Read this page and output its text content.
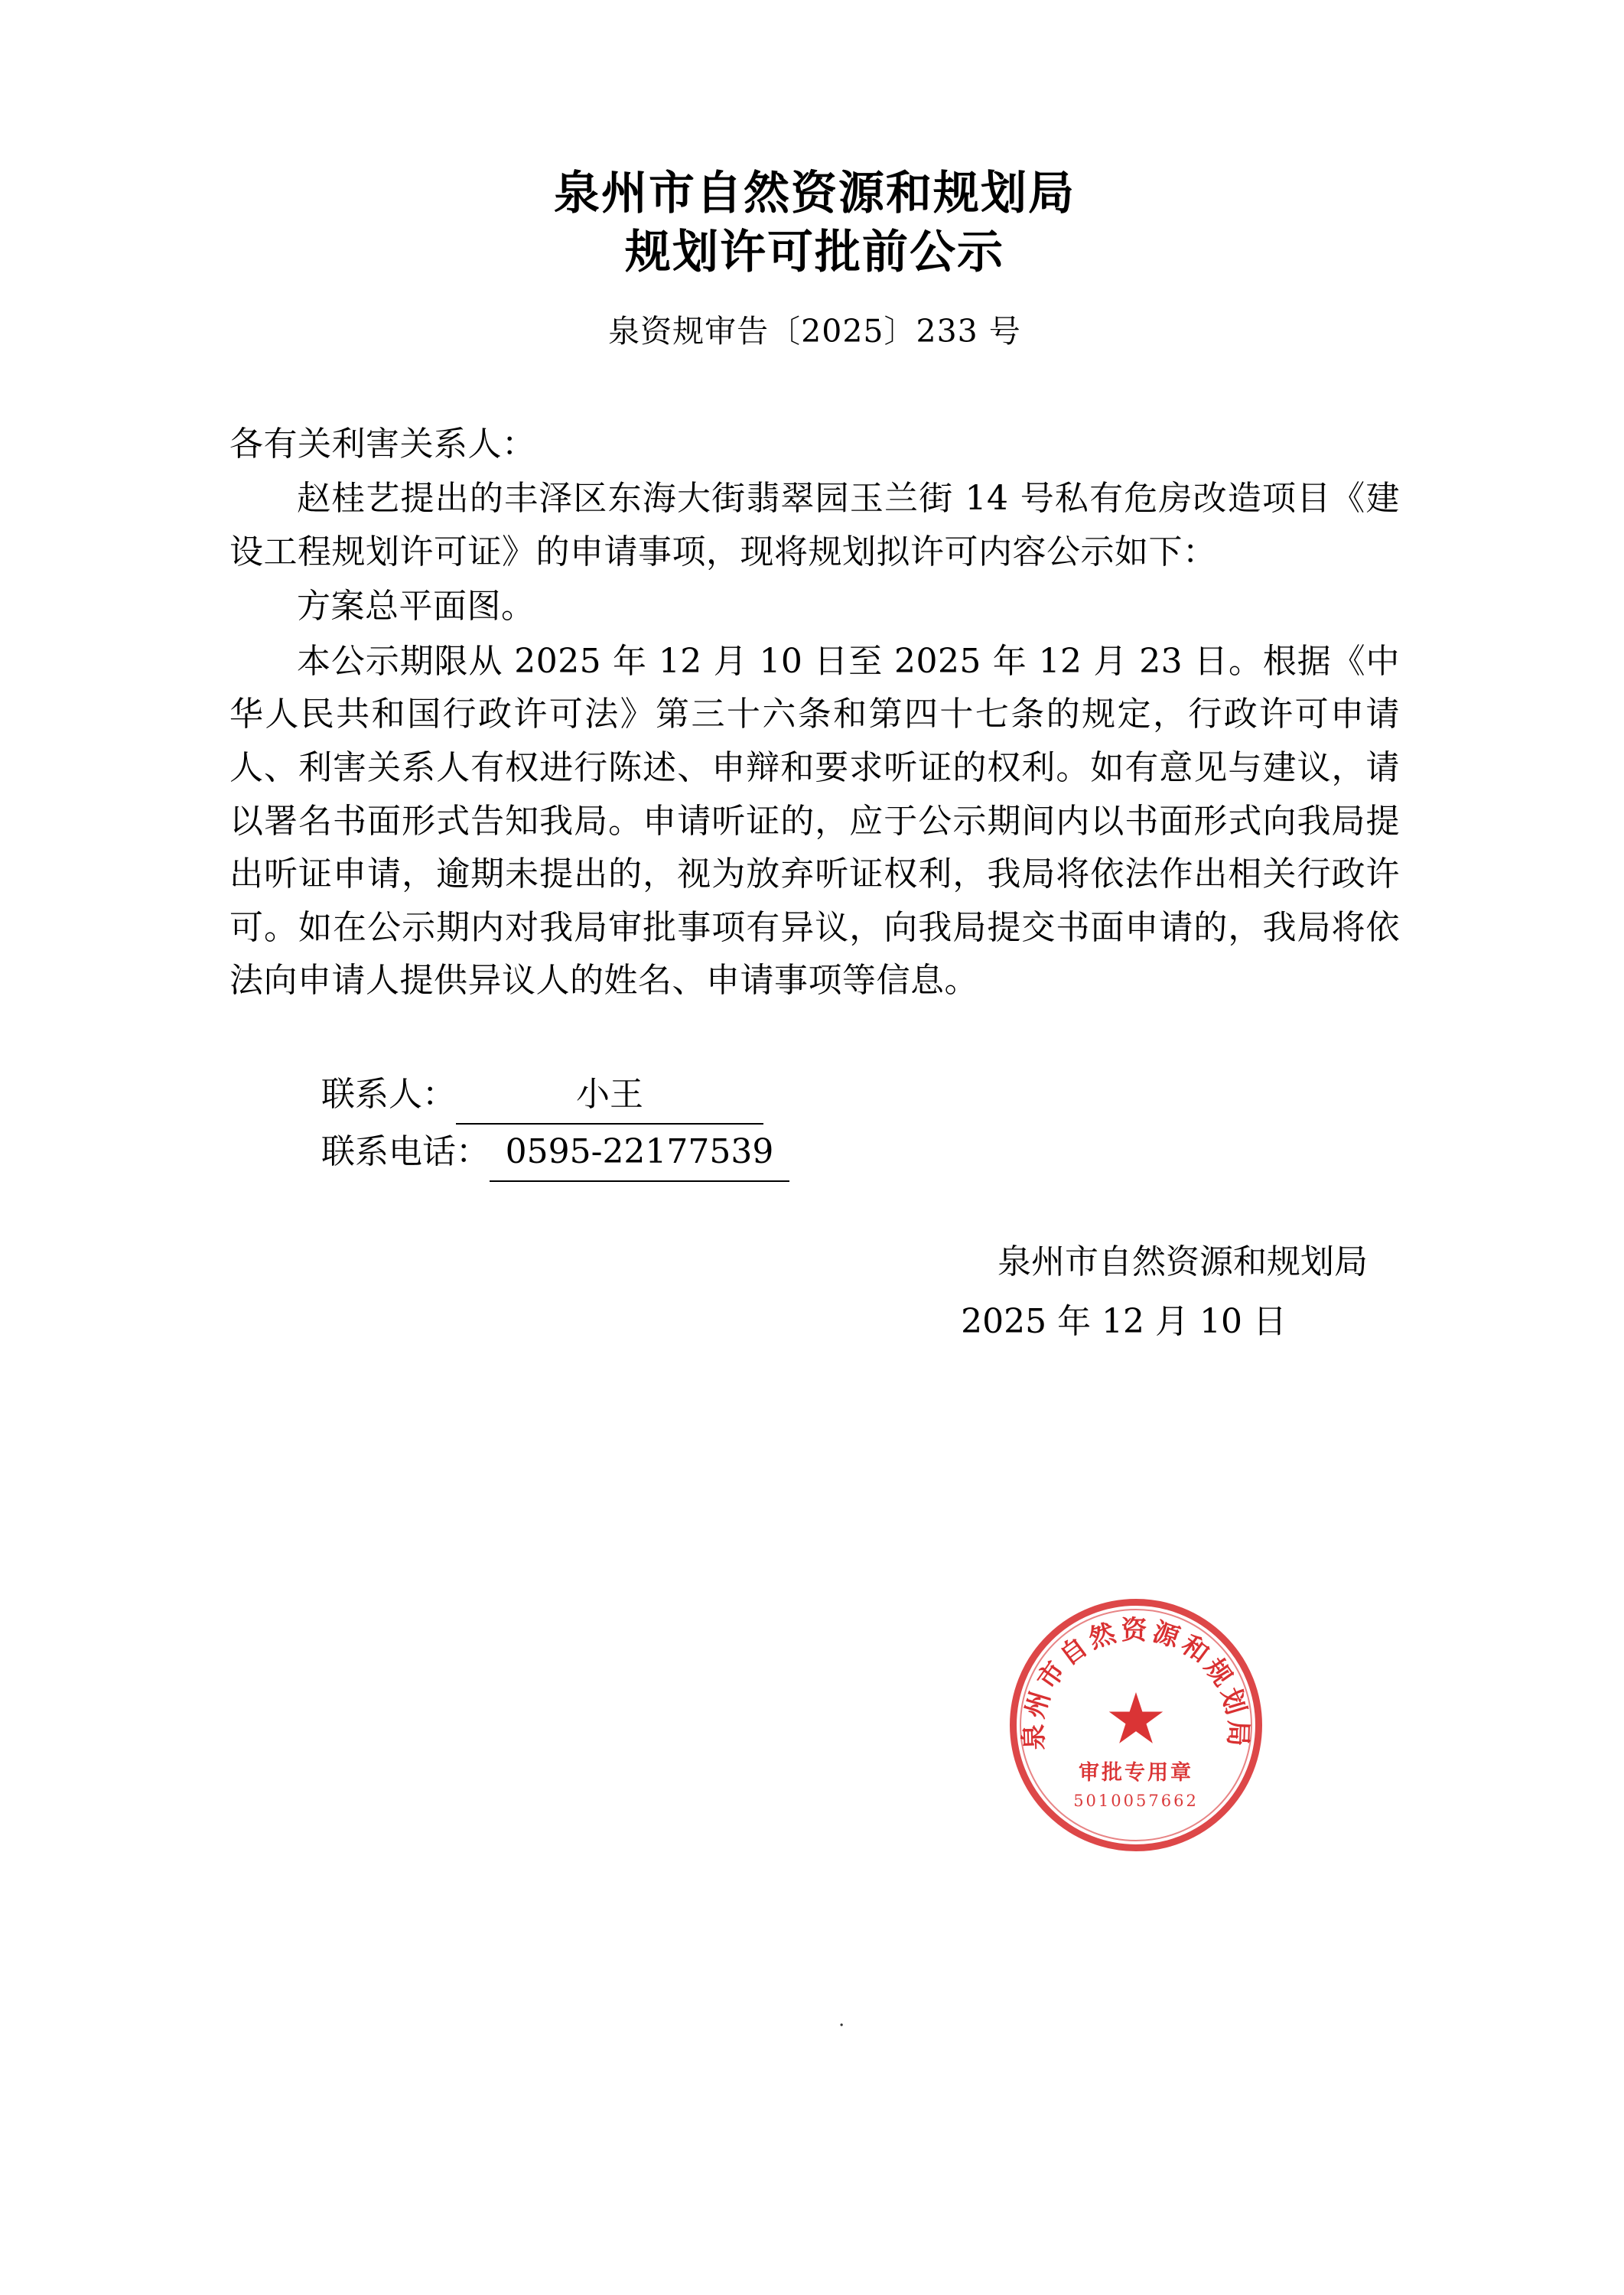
泉州市自然资源和规划局
规划许可批前公示
泉资规审告〔2025〕233 号

各有关利害关系人：

赵桂艺提出的丰泽区东海大街翡翠园玉兰街 14 号私有危房改造项目《建设工程规划许可证》的申请事项，现将规划拟许可内容公示如下：

方案总平面图。

本公示期限从 2025 年 12 月 10 日至 2025 年 12 月 23 日。根据《中华人民共和国行政许可法》第三十六条和第四十七条的规定，行政许可申请人、利害关系人有权进行陈述、申辩和要求听证的权利。如有意见与建议，请以署名书面形式告知我局。申请听证的，应于公示期间内以书面形式向我局提出听证申请，逾期未提出的，视为放弃听证权利，我局将依法作出相关行政许可。如在公示期内对我局审批事项有异议，向我局提交书面申请的，我局将依法向申请人提供异议人的姓名、申请事项等信息。

联系人：	小王
联系电话： 0595-22177539
泉州市自然资源和规划局
2025 年 12 月 10 日
泉州市自然资源和规划局
★
审批专用章
5010057662
.
